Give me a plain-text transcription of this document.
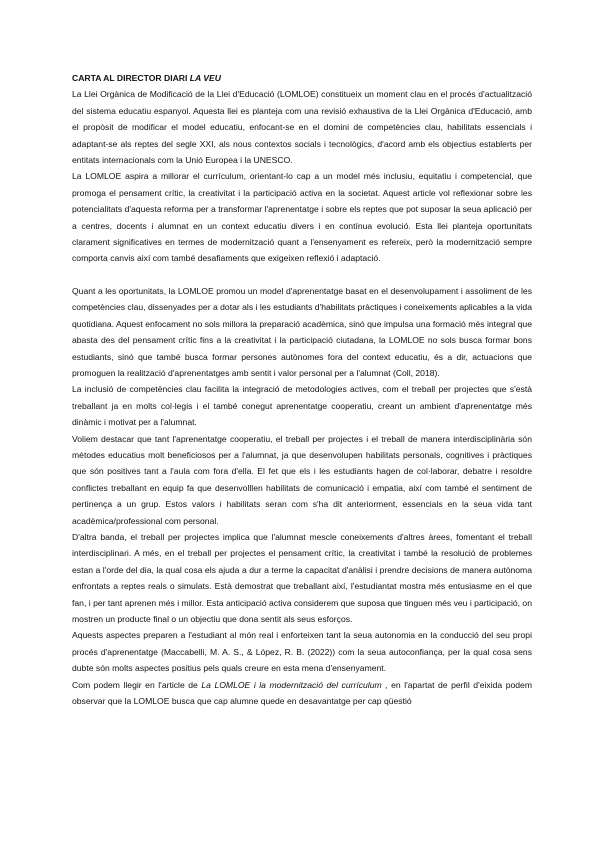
CARTA AL DIRECTOR DIARI LA VEU

La Llei Orgànica de Modificació de la Llei d'Educació (LOMLOE) constitueix un moment clau en el procés d'actualització del sistema educatiu espanyol. Aquesta llei es planteja com una revisió exhaustiva de la Llei Orgànica d'Educació, amb el propòsit de modificar el model educatiu, enfocant-se en el domini de competències clau, habilitats essencials i adaptant-se als reptes del segle XXI, als nous contextos socials i tecnològics, d'acord amb els objectius establerts per entitats internacionals com la Unió Europea i la UNESCO.

La LOMLOE aspira a millorar el currículum, orientant-lo cap a un model més inclusiu, equitatiu i competencial, que promoga el pensament crític, la creativitat i la participació activa en la societat. Aquest article vol reflexionar sobre les potencialitats d'aquesta reforma per a transformar l'aprenentatge i sobre els reptes que pot suposar la seua aplicació per a centres, docents i alumnat en un context educatiu divers i en contínua evolució. Esta llei planteja oportunitats clarament significatives en termes de modernització quant a l'ensenyament es refereix, però la modernització sempre comporta canvis així com també desafiaments que exigeixen reflexió i adaptació.

Quant a les oportunitats, la LOMLOE promou un model d'aprenentatge basat en el desenvolupament i assoliment de les competències clau, dissenyades per a dotar als i les estudiants d'habilitats pràctiques i coneixements aplicables a la vida quotidiana. Aquest enfocament no sols millora la preparació acadèmica, sinó que impulsa una formació més integral que abasta des del pensament crític fins a la creativitat i la participació ciutadana, la LOMLOE no sols busca formar bons estudiants, sinó que també busca formar persones autònomes fora del context educatiu, és a dir, actuacions que promoguen la realització d'aprenentatges amb sentit i valor personal per a l'alumnat (Coll, 2018).

La inclusió de competències clau facilita la integració de metodologies actives, com el treball per projectes que s'està treballant ja en molts col·legis i el també conegut aprenentatge cooperatiu, creant un ambient d'aprenentatge més dinàmic i motivat per a l'alumnat.

Voliem destacar que tant l'aprenentatge cooperatiu, el treball per projectes i el treball de manera interdisciplinària són mètodes educatius molt beneficiosos per a l'alumnat, ja que desenvolupen habilitats personals, cognitives i pràctiques que són positives tant a l'aula com fora d'ella. El fet que els i les estudiants hagen de col·laborar, debatre i resoldre conflictes treballant en equip fa que desenvolllen habilitats de comunicació i empatia, així com també el sentiment de pertinença a un grup. Estos valors i habilitats seran com s'ha dit anteriorment, essencials en la seua vida tant acadèmica/professional com personal.

D'altra banda, el treball per projectes implica que l'alumnat mescle coneixements d'altres àrees, fomentant el treball interdisciplinari. A més, en el treball per projectes el pensament crític, la creativitat i també la resolució de problemes estan a l'orde del dia, la qual cosa els ajuda a dur a terme la capacitat d'anàlisi i prendre decisions de manera autònoma enfrontats a reptes reals o simulats. Està demostrat que treballant així, l'estudiantat mostra més entusiasme en el que fan, i per tant aprenen més i millor. Esta anticipació activa considerem que suposa que tinguen més veu i participació, on mostren un producte final o un objectiu que dona sentit als seus esforços.

Aquests aspectes preparen a l'estudiant al món real i enforteixen tant la seua autonomia en la conducció del seu propi procés d'aprenentatge (Maccabelli, M. A. S., & López, R. B. (2022)) com la seua autoconfiança, per la qual cosa sens dubte són molts aspectes positius pels quals creure en esta mena d'ensenyament.

Com podem llegir en l'article de La LOMLOE i la modernització del currículum , en l'apartat de perfil d'eixida podem observar que la LOMLOE busca que cap alumne quede en desavantatge per cap qüestió
